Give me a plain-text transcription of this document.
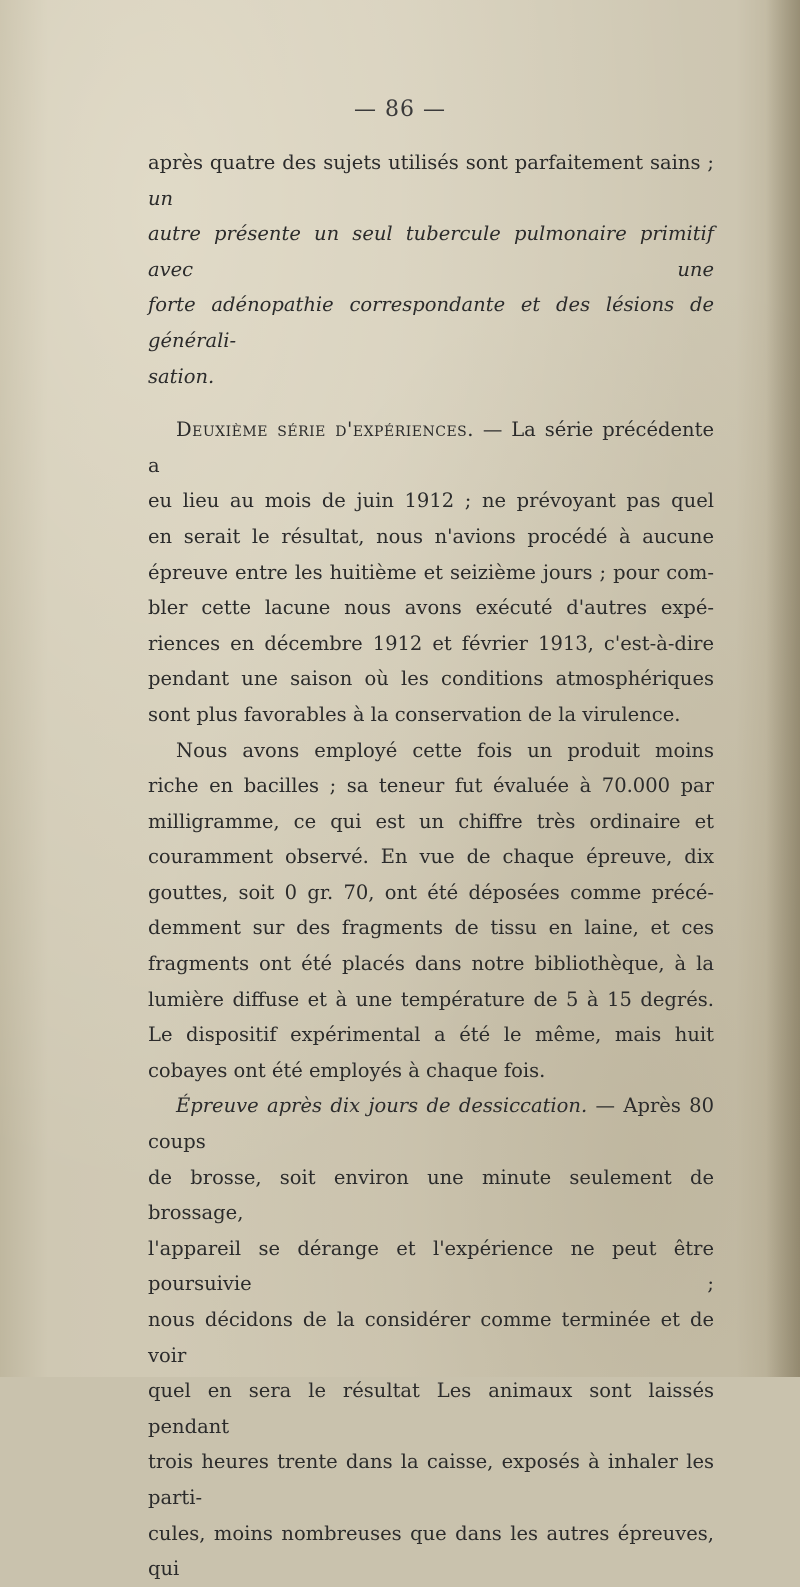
— 86 —

après quatre des sujets utilisés sont parfaitement sains ; un

autre présente un seul tubercule pulmonaire primitif avec une

forte adénopathie correspondante et des lésions de générali-

sation.

Deuxième série d'expériences. — La série précédente a

eu lieu au mois de juin 1912 ; ne prévoyant pas quel

en serait le résultat, nous n'avions procédé à aucune

épreuve entre les huitième et seizième jours ; pour com-

bler cette lacune nous avons exécuté d'autres expé-

riences en décembre 1912 et février 1913, c'est-à-dire

pendant une saison où les conditions atmosphériques

sont plus favorables à la conservation de la virulence.

Nous avons employé cette fois un produit moins

riche en bacilles ; sa teneur fut évaluée à 70.000 par

milligramme, ce qui est un chiffre très ordinaire et

couramment observé. En vue de chaque épreuve, dix

gouttes, soit 0 gr. 70, ont été déposées comme précé-

demment sur des fragments de tissu en laine, et ces

fragments ont été placés dans notre bibliothèque, à la

lumière diffuse et à une température de 5 à 15 degrés.

Le dispositif expérimental a été le même, mais huit

cobayes ont été employés à chaque fois.

Épreuve après dix jours de dessiccation. — Après 80 coups

de brosse, soit environ une minute seulement de brossage,

l'appareil se dérange et l'expérience ne peut être poursuivie ;

nous décidons de la considérer comme terminée et de voir

quel en sera le résultat Les animaux sont laissés pendant

trois heures trente dans la caisse, exposés à inhaler les parti-

cules, moins nombreuses que dans les autres épreuves, qui
